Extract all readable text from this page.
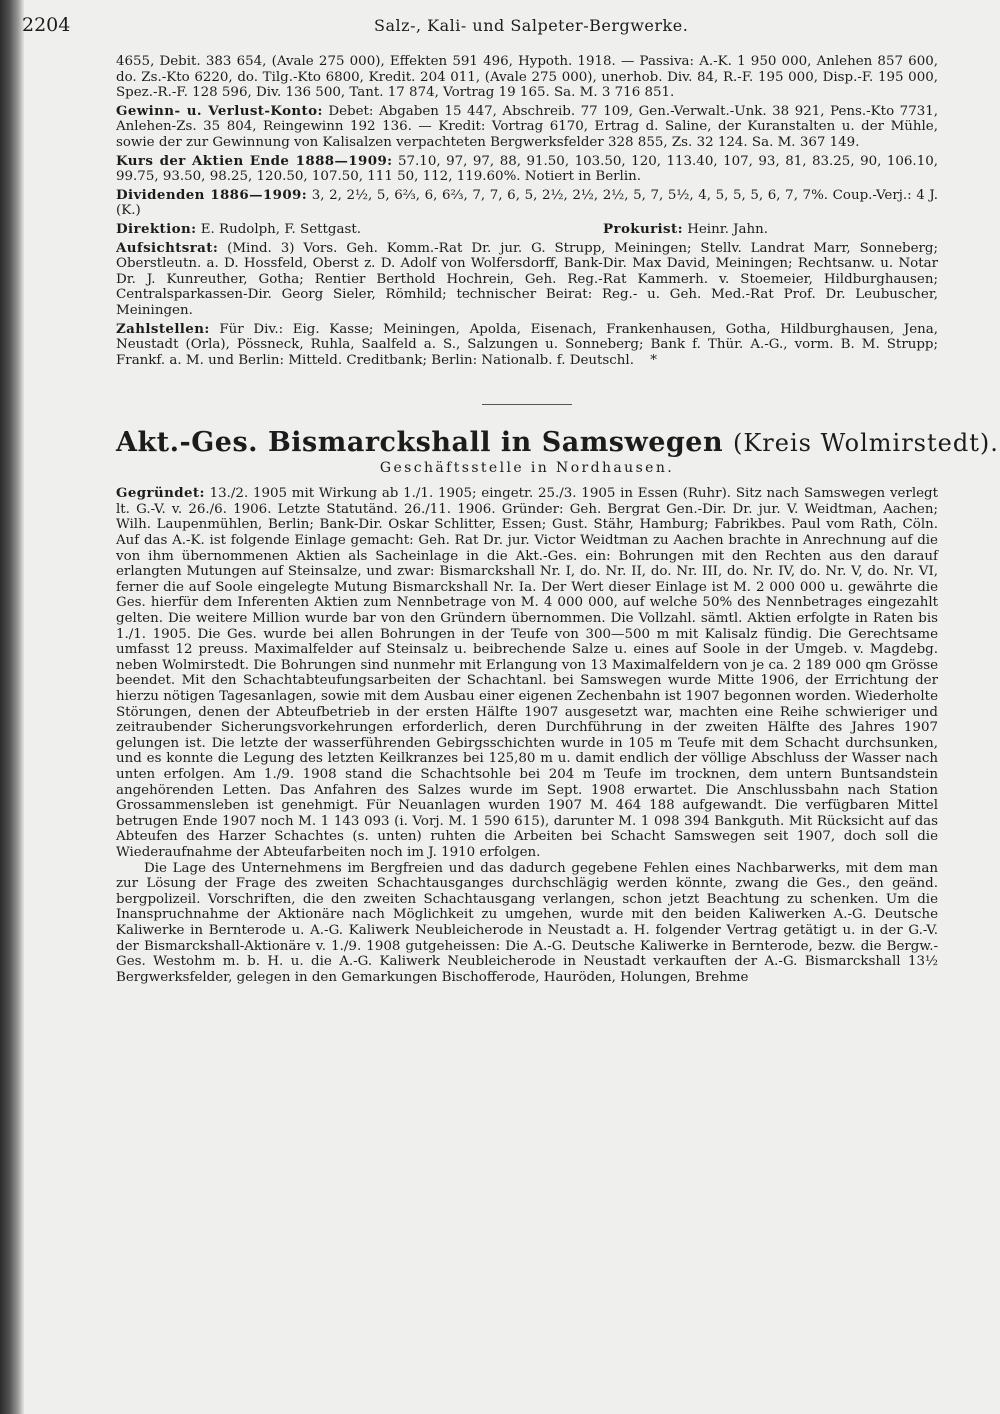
2204	Salz-, Kali- und Salpeter-Bergwerke.

4655, Debit. 383 654, (Avale 275 000), Effekten 591 496, Hypoth. 1918. — Passiva: A.-K. 1 950 000, Anlehen 857 600, do. Zs.-Kto 6220, do. Tilg.-Kto 6800, Kredit. 204 011, (Avale 275 000), unerhob. Div. 84, R.-F. 195 000, Disp.-F. 195 000, Spez.-R.-F. 128 596, Div. 136 500, Tant. 17 874, Vortrag 19 165. Sa. M. 3 716 851.

Gewinn- u. Verlust-Konto: Debet: Abgaben 15 447, Abschreib. 77 109, Gen.-Verwalt.-Unk. 38 921, Pens.-Kto 7731, Anlehen-Zs. 35 804, Reingewinn 192 136. — Kredit: Vortrag 6170, Ertrag d. Saline, der Kuranstalten u. der Mühle, sowie der zur Gewinnung von Kalisalzen verpachteten Bergwerksfelder 328 855, Zs. 32 124. Sa. M. 367 149.

Kurs der Aktien Ende 1888—1909: 57.10, 97, 97, 88, 91.50, 103.50, 120, 113.40, 107, 93, 81, 83.25, 90, 106.10, 99.75, 93.50, 98.25, 120.50, 107.50, 111 50, 112, 119.60%. Notiert in Berlin.

Dividenden 1886—1909: 3, 2, 2½, 5, 6⅔, 6, 6⅔, 7, 7, 6, 5, 2½, 2½, 2½, 5, 7, 5½, 4, 5, 5, 5, 6, 7, 7%. Coup.-Verj.: 4 J. (K.)

Direktion: E. Rudolph, F. Settgast.	Prokurist: Heinr. Jahn.

Aufsichtsrat: (Mind. 3) Vors. Geh. Komm.-Rat Dr. jur. G. Strupp, Meiningen; Stellv. Landrat Marr, Sonneberg; Oberstleutn. a. D. Hossfeld, Oberst z. D. Adolf von Wolfersdorff, Bank-Dir. Max David, Meiningen; Rechtsanw. u. Notar Dr. J. Kunreuther, Gotha; Rentier Berthold Hochrein, Geh. Reg.-Rat Kammerh. v. Stoemeier, Hildburghausen; Centralsparkassen-Dir. Georg Sieler, Römhild; technischer Beirat: Reg.- u. Geh. Med.-Rat Prof. Dr. Leubuscher, Meiningen.

Zahlstellen: Für Div.: Eig. Kasse; Meiningen, Apolda, Eisenach, Frankenhausen, Gotha, Hildburghausen, Jena, Neustadt (Orla), Pössneck, Ruhla, Saalfeld a. S., Salzungen u. Sonneberg; Bank f. Thür. A.-G., vorm. B. M. Strupp; Frankf. a. M. und Berlin: Mitteld. Creditbank; Berlin: Nationalb. f. Deutschl. *

Akt.-Ges. Bismarckshall in Samswegen (Kreis Wolmirstedt).
Geschäftsstelle in Nordhausen.

Gegründet: 13./2. 1905 mit Wirkung ab 1./1. 1905; eingetr. 25./3. 1905 in Essen (Ruhr). Sitz nach Samswegen verlegt lt. G.-V. v. 26./6. 1906. Letzte Statutänd. 26./11. 1906. Gründer: Geh. Bergrat Gen.-Dir. Dr. jur. V. Weidtman, Aachen; Wilh. Laupenmühlen, Berlin; Bank-Dir. Oskar Schlitter, Essen; Gust. Stähr, Hamburg; Fabrikbes. Paul vom Rath, Cöln. Auf das A.-K. ist folgende Einlage gemacht: Geh. Rat Dr. jur. Victor Weidtman zu Aachen brachte in Anrechnung auf die von ihm übernommenen Aktien als Sacheinlage in die Akt.-Ges. ein: Bohrungen mit den Rechten aus den darauf erlangten Mutungen auf Steinsalze, und zwar: Bismarckshall Nr. I, do. Nr. II, do. Nr. III, do. Nr. IV, do. Nr. V, do. Nr. VI, ferner die auf Soole eingelegte Mutung Bismarckshall Nr. Ia. Der Wert dieser Einlage ist M. 2 000 000 u. gewährte die Ges. hierfür dem Inferenten Aktien zum Nennbetrage von M. 4 000 000, auf welche 50% des Nennbetrages eingezahlt gelten. Die weitere Million wurde bar von den Gründern übernommen. Die Vollzahl. sämtl. Aktien erfolgte in Raten bis 1./1. 1905. Die Ges. wurde bei allen Bohrungen in der Teufe von 300—500 m mit Kalisalz fündig. Die Gerechtsame umfasst 12 preuss. Maximalfelder auf Steinsalz u. beibrechende Salze u. eines auf Soole in der Umgeb. v. Magdebg. neben Wolmirstedt. Die Bohrungen sind nunmehr mit Erlangung von 13 Maximalfeldern von je ca. 2 189 000 qm Grösse beendet. Mit den Schachtabteufungsarbeiten der Schachtanl. bei Samswegen wurde Mitte 1906, der Errichtung der hierzu nötigen Tagesanlagen, sowie mit dem Ausbau einer eigenen Zechenbahn ist 1907 begonnen worden. Wiederholte Störungen, denen der Abteufbetrieb in der ersten Hälfte 1907 ausgesetzt war, machten eine Reihe schwieriger und zeitraubender Sicherungsvorkehrungen erforderlich, deren Durchführung in der zweiten Hälfte des Jahres 1907 gelungen ist. Die letzte der wasserführenden Gebirgsschichten wurde in 105 m Teufe mit dem Schacht durchsunken, und es konnte die Legung des letzten Keilkranzes bei 125,80 m u. damit endlich der völlige Abschluss der Wasser nach unten erfolgen. Am 1./9. 1908 stand die Schachtsohle bei 204 m Teufe im trocknen, dem untern Buntsandstein angehörenden Letten. Das Anfahren des Salzes wurde im Sept. 1908 erwartet. Die Anschlussbahn nach Station Grossammensleben ist genehmigt. Für Neuanlagen wurden 1907 M. 464 188 aufgewandt. Die verfügbaren Mittel betrugen Ende 1907 noch M. 1 143 093 (i. Vorj. M. 1 590 615), darunter M. 1 098 394 Bankguth. Mit Rücksicht auf das Abteufen des Harzer Schachtes (s. unten) ruhten die Arbeiten bei Schacht Samswegen seit 1907, doch soll die Wiederaufnahme der Abteufarbeiten noch im J. 1910 erfolgen.

Die Lage des Unternehmens im Bergfreien und das dadurch gegebene Fehlen eines Nachbarwerks, mit dem man zur Lösung der Frage des zweiten Schachtausganges durchschlägig werden könnte, zwang die Ges., den geänd. bergpolizeil. Vorschriften, die den zweiten Schachtausgang verlangen, schon jetzt Beachtung zu schenken. Um die Inanspruchnahme der Aktionäre nach Möglichkeit zu umgehen, wurde mit den beiden Kaliwerken A.-G. Deutsche Kaliwerke in Bernterode u. A.-G. Kaliwerk Neubleicherode in Neustadt a. H. folgender Vertrag getätigt u. in der G.-V. der Bismarckshall-Aktionäre v. 1./9. 1908 gutgeheissen: Die A.-G. Deutsche Kaliwerke in Bernterode, bezw. die Bergw.-Ges. Westohm m. b. H. u. die A.-G. Kaliwerk Neubleicherode in Neustadt verkauften der A.-G. Bismarckshall 13½ Bergwerksfelder, gelegen in den Gemarkungen Bischofferode, Hauröden, Holungen, Brehme
